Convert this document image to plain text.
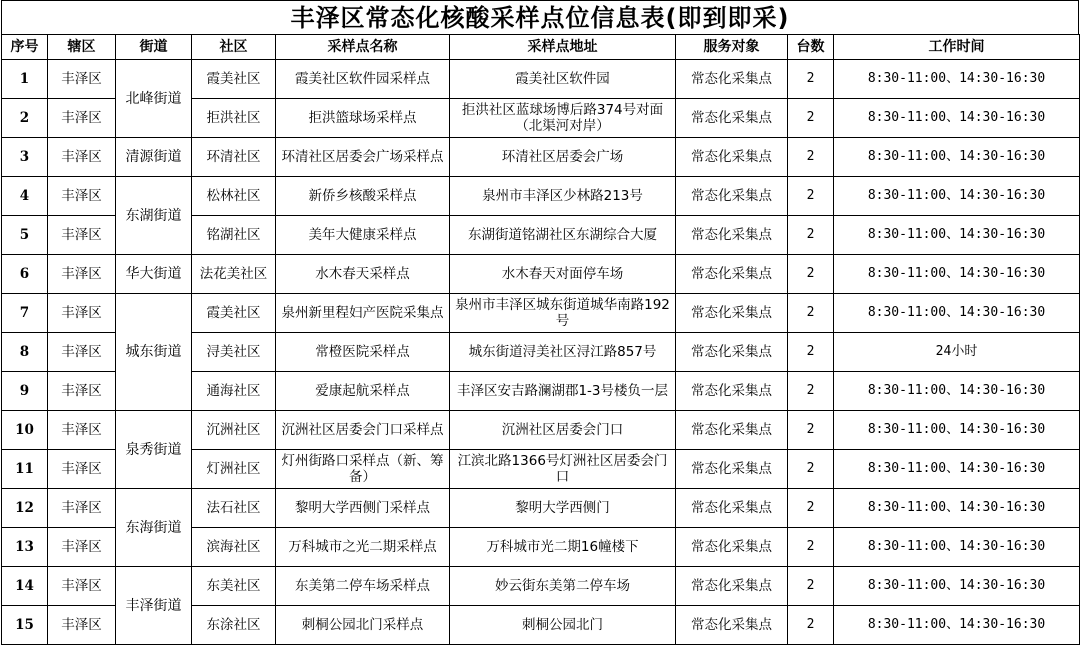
丰泽区常态化核酸采样点位信息表(即到即采)
序号	辖区	街道	社区	采样点名称	采样点地址	服务对象	台数	工作时间
1	丰泽区	北峰街道	霞美社区	霞美社区软件园采样点	霞美社区软件园	常态化采集点	2	8:30-11:00、14:30-16:30
2	丰泽区		拒洪社区	拒洪篮球场采样点	拒洪社区蓝球场博后路374号对面（北渠河对岸）	常态化采集点	2	8:30-11:00、14:30-16:30
3	丰泽区	清源街道	环清社区	环清社区居委会广场采样点	环清社区居委会广场	常态化采集点	2	8:30-11:00、14:30-16:30
4	丰泽区	东湖街道	松林社区	新侨乡核酸采样点	泉州市丰泽区少林路213号	常态化采集点	2	8:30-11:00、14:30-16:30
5	丰泽区		铭湖社区	美年大健康采样点	东湖街道铭湖社区东湖综合大厦	常态化采集点	2	8:30-11:00、14:30-16:30
6	丰泽区	华大街道	法花美社区	水木春天采样点	水木春天对面停车场	常态化采集点	2	8:30-11:00、14:30-16:30
7	丰泽区	城东街道	霞美社区	泉州新里程妇产医院采集点	泉州市丰泽区城东街道城华南路192号	常态化采集点	2	8:30-11:00、14:30-16:30
8	丰泽区		浔美社区	常橙医院采样点	城东街道浔美社区浔江路857号	常态化采集点	2	24小时
9	丰泽区		通海社区	爱康起航采样点	丰泽区安吉路澜湖郡1-3号楼负一层	常态化采集点	2	8:30-11:00、14:30-16:30
10	丰泽区	泉秀街道	沉洲社区	沉洲社区居委会门口采样点	沉洲社区居委会门口	常态化采集点	2	8:30-11:00、14:30-16:30
11	丰泽区		灯洲社区	灯州街路口采样点（新、筹备）	江滨北路1366号灯洲社区居委会门口	常态化采集点	2	8:30-11:00、14:30-16:30
12	丰泽区	东海街道	法石社区	黎明大学西侧门采样点	黎明大学西侧门	常态化采集点	2	8:30-11:00、14:30-16:30
13	丰泽区		滨海社区	万科城市之光二期采样点	万科城市光二期16幢楼下	常态化采集点	2	8:30-11:00、14:30-16:30
14	丰泽区	丰泽街道	东美社区	东美第二停车场采样点	妙云街东美第二停车场	常态化采集点	2	8:30-11:00、14:30-16:30
15	丰泽区		东涂社区	刺桐公园北门采样点	刺桐公园北门	常态化采集点	2	8:30-11:00、14:30-16:30
